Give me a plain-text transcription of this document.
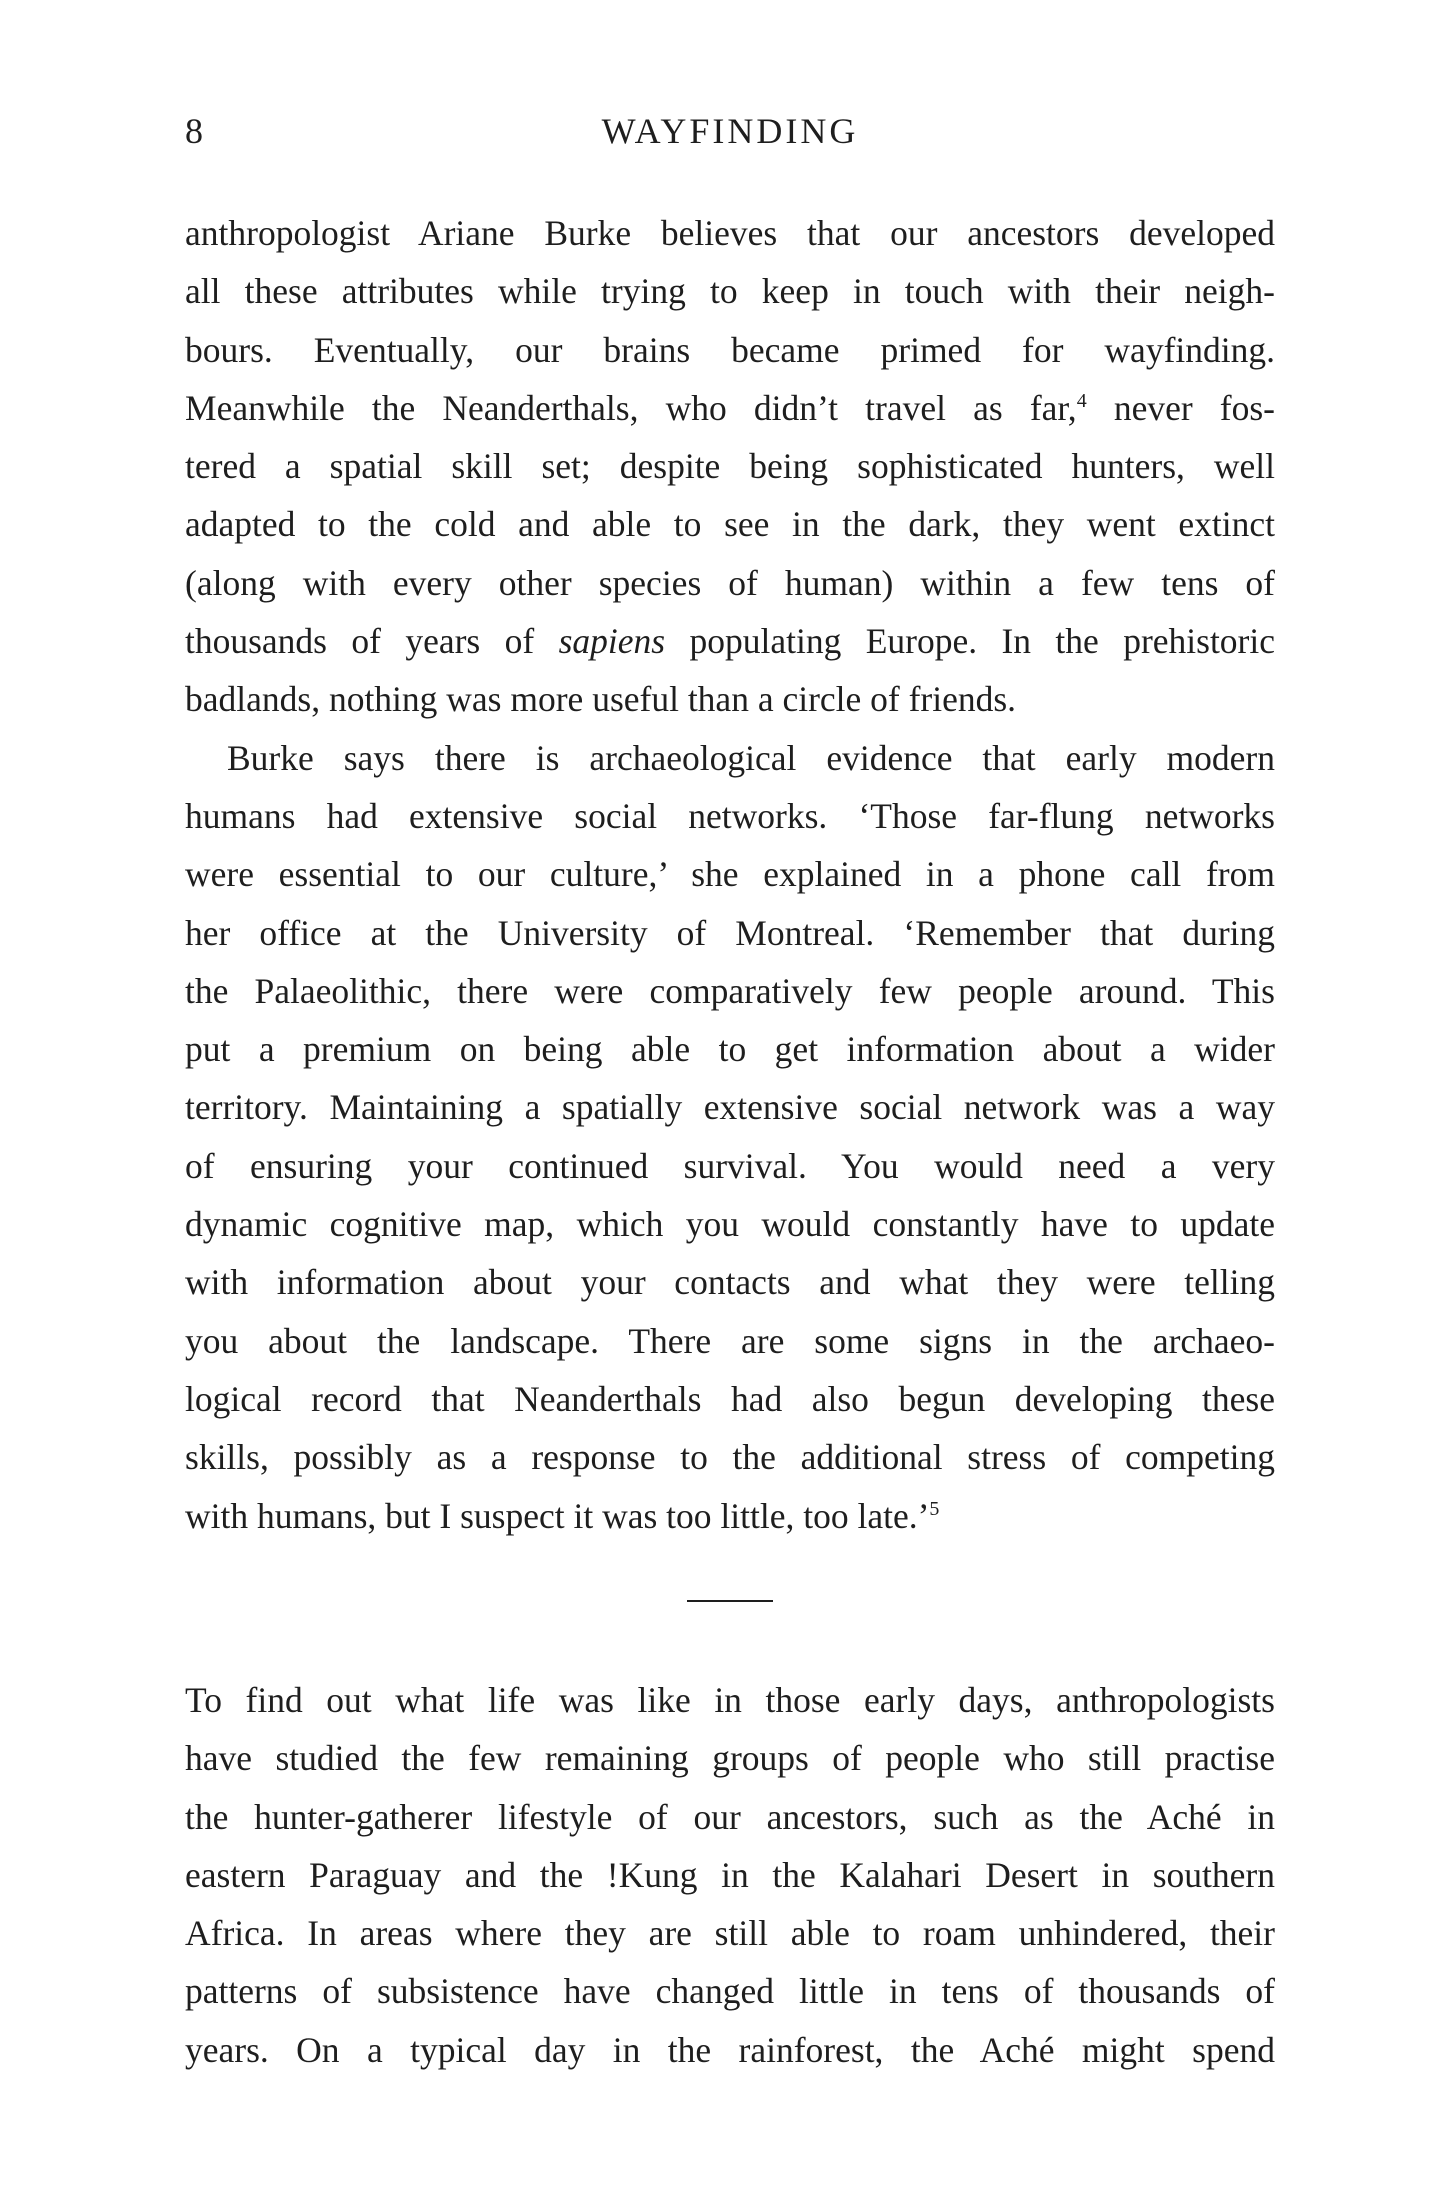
8	WAYFINDING
anthropologist Ariane Burke believes that our ancestors developed
all these attributes while trying to keep in touch with their neigh-
bours. Eventually, our brains became primed for wayfinding.
Meanwhile the Neanderthals, who didn’t travel as far,$^4$ never fos-
tered a spatial skill set; despite being sophisticated hunters, well
adapted to the cold and able to see in the dark, they went extinct
(along with every other species of human) within a few tens of
thousands of years of sapiens populating Europe. In the prehistoric
badlands, nothing was more useful than a circle of friends.
Burke says there is archaeological evidence that early modern
humans had extensive social networks. ‘Those far-flung networks
were essential to our culture,’ she explained in a phone call from
her office at the University of Montreal. ‘Remember that during
the Palaeolithic, there were comparatively few people around. This
put a premium on being able to get information about a wider
territory. Maintaining a spatially extensive social network was a way
of ensuring your continued survival. You would need a very
dynamic cognitive map, which you would constantly have to update
with information about your contacts and what they were telling
you about the landscape. There are some signs in the archaeo-
logical record that Neanderthals had also begun developing these
skills, possibly as a response to the additional stress of competing
with humans, but I suspect it was too little, too late.’$^5$
To find out what life was like in those early days, anthropologists
have studied the few remaining groups of people who still practise
the hunter-gatherer lifestyle of our ancestors, such as the Aché in
eastern Paraguay and the !Kung in the Kalahari Desert in southern
Africa. In areas where they are still able to roam unhindered, their
patterns of subsistence have changed little in tens of thousands of
years. On a typical day in the rainforest, the Aché might spend
